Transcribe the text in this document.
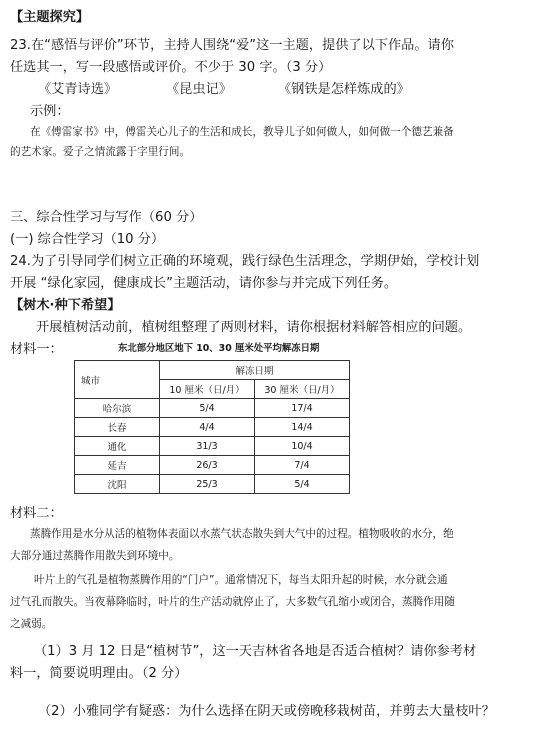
【主题探究】
23.在“感悟与评价”环节，主持人围绕“爱”这一主题，提供了以下作品。请你
任选其一，写一段感悟或评价。不少于 30 字。（3 分）
《艾青诗选》	《昆虫记》	《钢铁是怎样炼成的》
示例：
在《傅雷家书》中，傅雷关心儿子的生活和成长，教导儿子如何做人，如何做一个德艺兼备
的艺术家。爱子之情流露于字里行间。
三、综合性学习与写作（60 分）
(一) 综合性学习（10 分）
24.为了引导同学们树立正确的环境观，践行绿色生活理念，学期伊始，学校计划
开展 “绿化家园，健康成长”主题活动，请你参与并完成下列任务。
【树木·种下希望】
开展植树活动前，植树组整理了两则材料，请你根据材料解答相应的问题。
材料一：	东北部分地区地下 10、30 厘米处平均解冻日期
城市	解冻日期	
	10 厘米（日/月）	30 厘米（日/月）
哈尔滨	5/4	17/4
长春	4/4	14/4
通化	31/3	10/4
延吉	26/3	7/4
沈阳	25/3	5/4
材料二：
蒸腾作用是水分从活的植物体表面以水蒸气状态散失到大气中的过程。植物吸收的水分，绝
大部分通过蒸腾作用散失到环境中。
叶片上的气孔是植物蒸腾作用的“门户”。通常情况下，每当太阳升起的时候，水分就会通
过气孔而散失。当夜幕降临时，叶片的生产活动就停止了，大多数气孔缩小或闭合，蒸腾作用随
之减弱。
（1）3 月 12 日是“植树节”，这一天吉林省各地是否适合植树？请你参考材
料一，简要说明理由。（2 分）
（2）小雅同学有疑惑：为什么选择在阴天或傍晚移栽树苗，并剪去大量枝叶？
